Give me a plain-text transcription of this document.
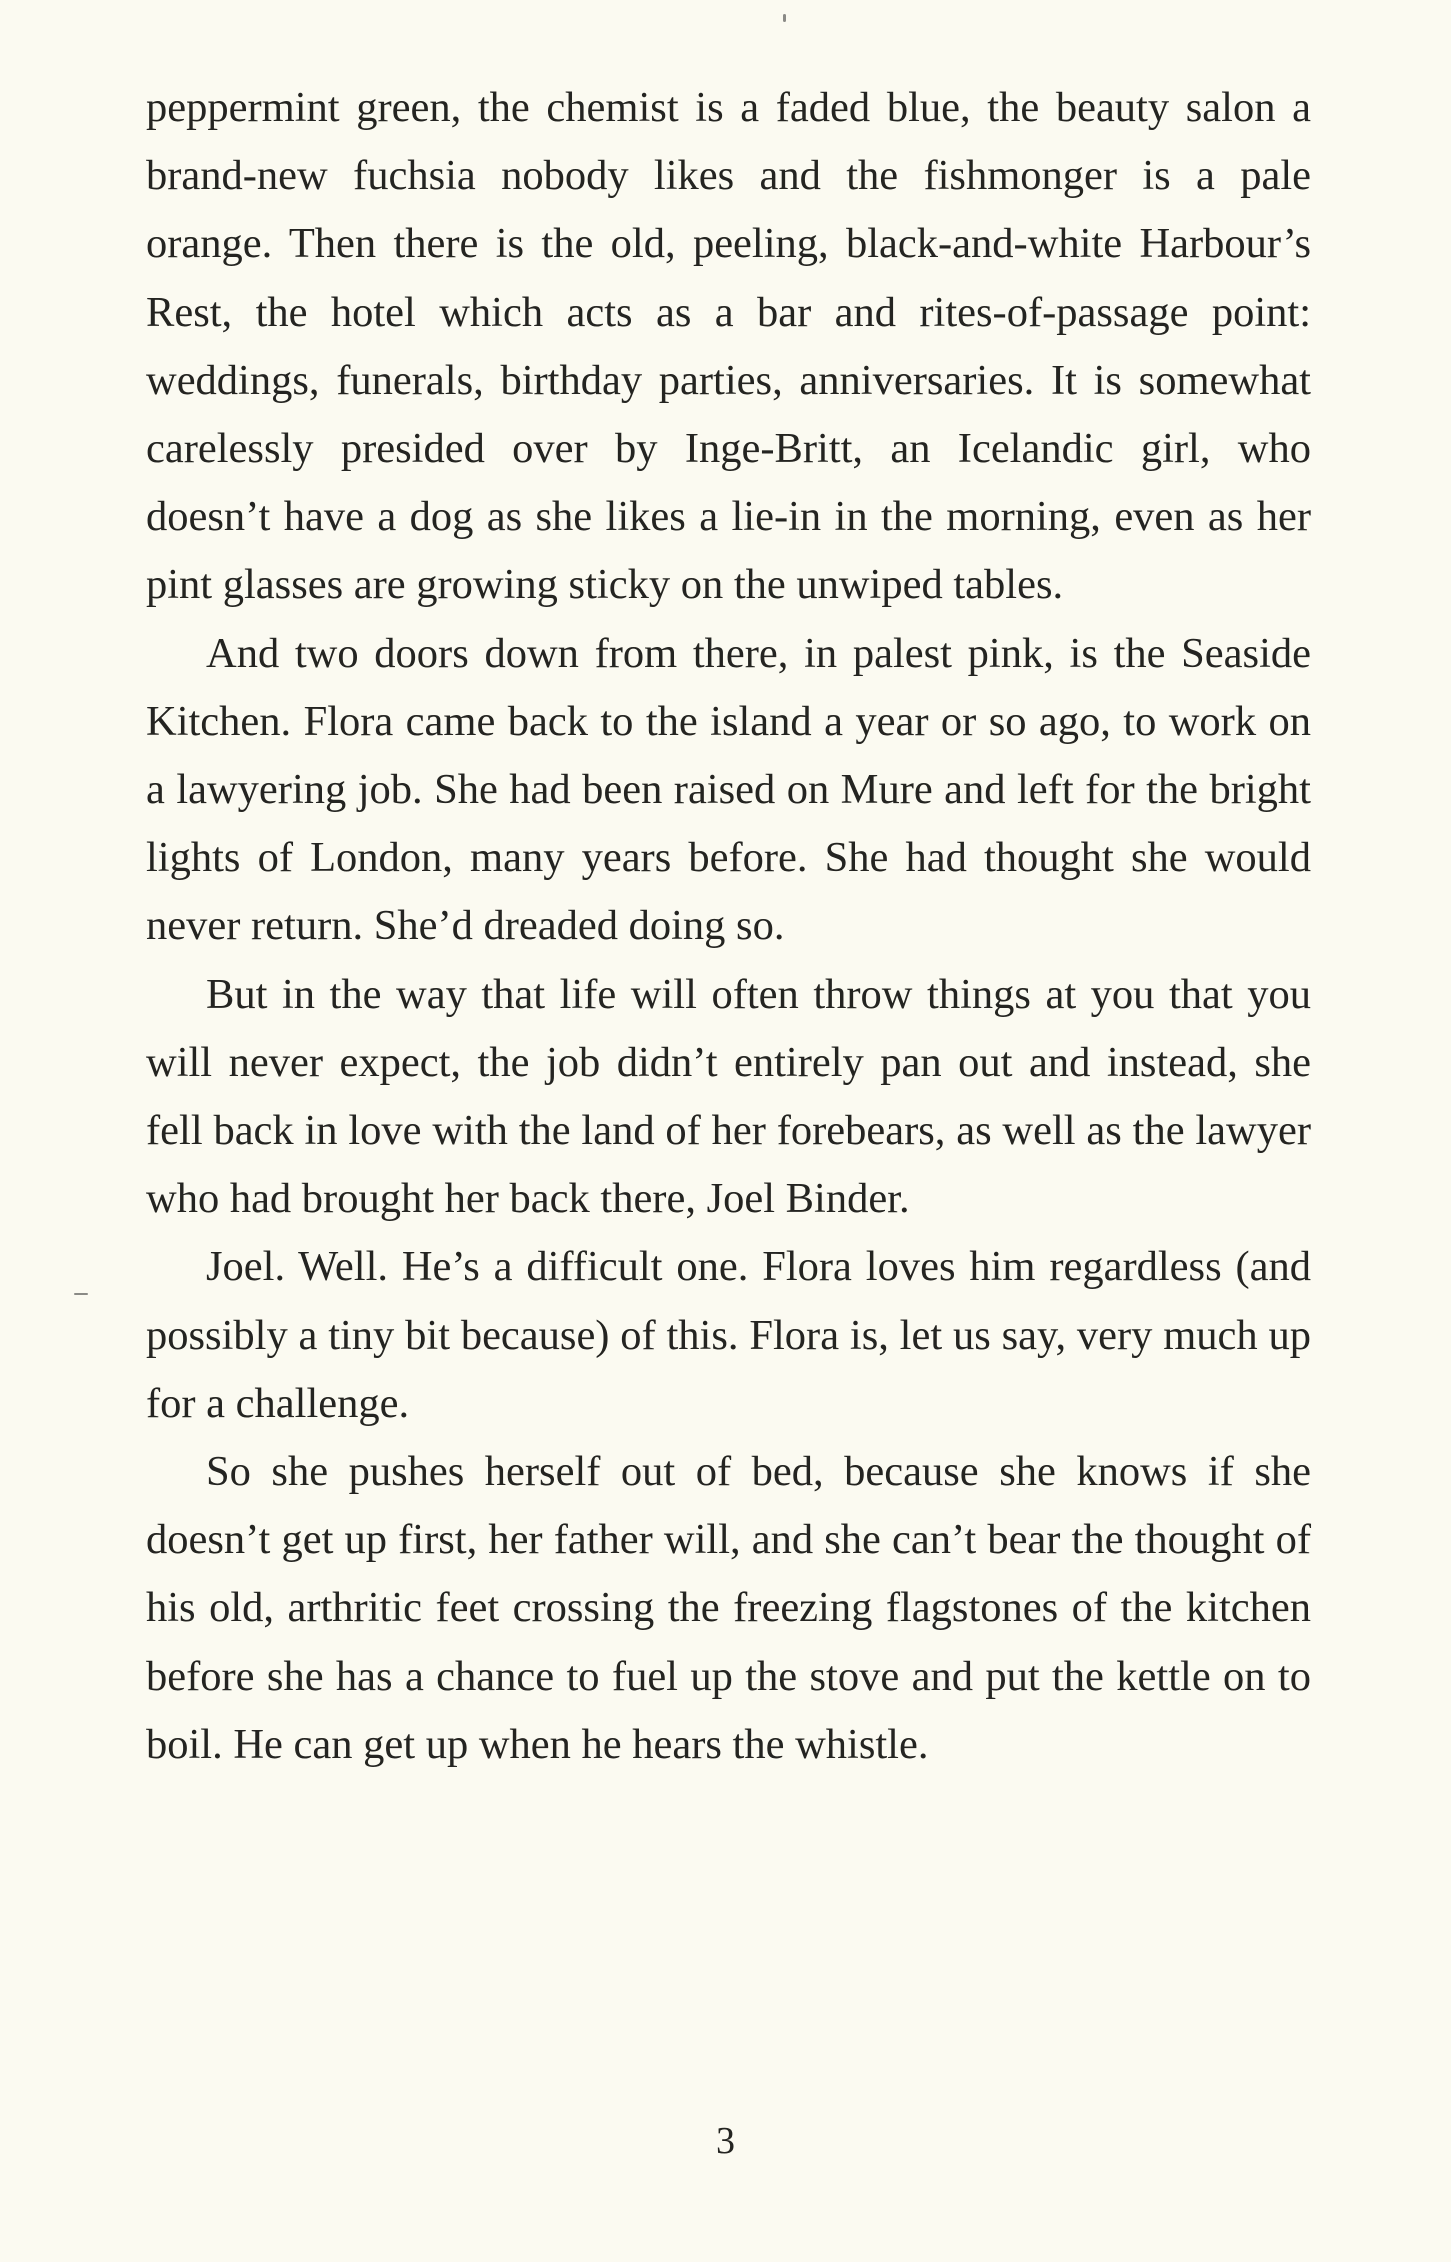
peppermint green, the chemist is a faded blue, the beauty salon a brand-new fuchsia nobody likes and the fishmonger is a pale orange. Then there is the old, peeling, black-and-white Harbour’s Rest, the hotel which acts as a bar and rites-of-passage point: weddings, funerals, birthday parties, anniversaries. It is somewhat carelessly presided over by Inge-Britt, an Icelandic girl, who doesn’t have a dog as she likes a lie-in in the morning, even as her pint glasses are growing sticky on the unwiped tables.

And two doors down from there, in palest pink, is the Seaside Kitchen. Flora came back to the island a year or so ago, to work on a lawyering job. She had been raised on Mure and left for the bright lights of London, many years before. She had thought she would never return. She’d dreaded doing so.

But in the way that life will often throw things at you that you will never expect, the job didn’t entirely pan out and instead, she fell back in love with the land of her forebears, as well as the lawyer who had brought her back there, Joel Binder.

Joel. Well. He’s a difficult one. Flora loves him regardless (and possibly a tiny bit because) of this. Flora is, let us say, very much up for a challenge.

So she pushes herself out of bed, because she knows if she doesn’t get up first, her father will, and she can’t bear the thought of his old, arthritic feet crossing the freezing flagstones of the kitchen before she has a chance to fuel up the stove and put the kettle on to boil. He can get up when he hears the whistle.

3
